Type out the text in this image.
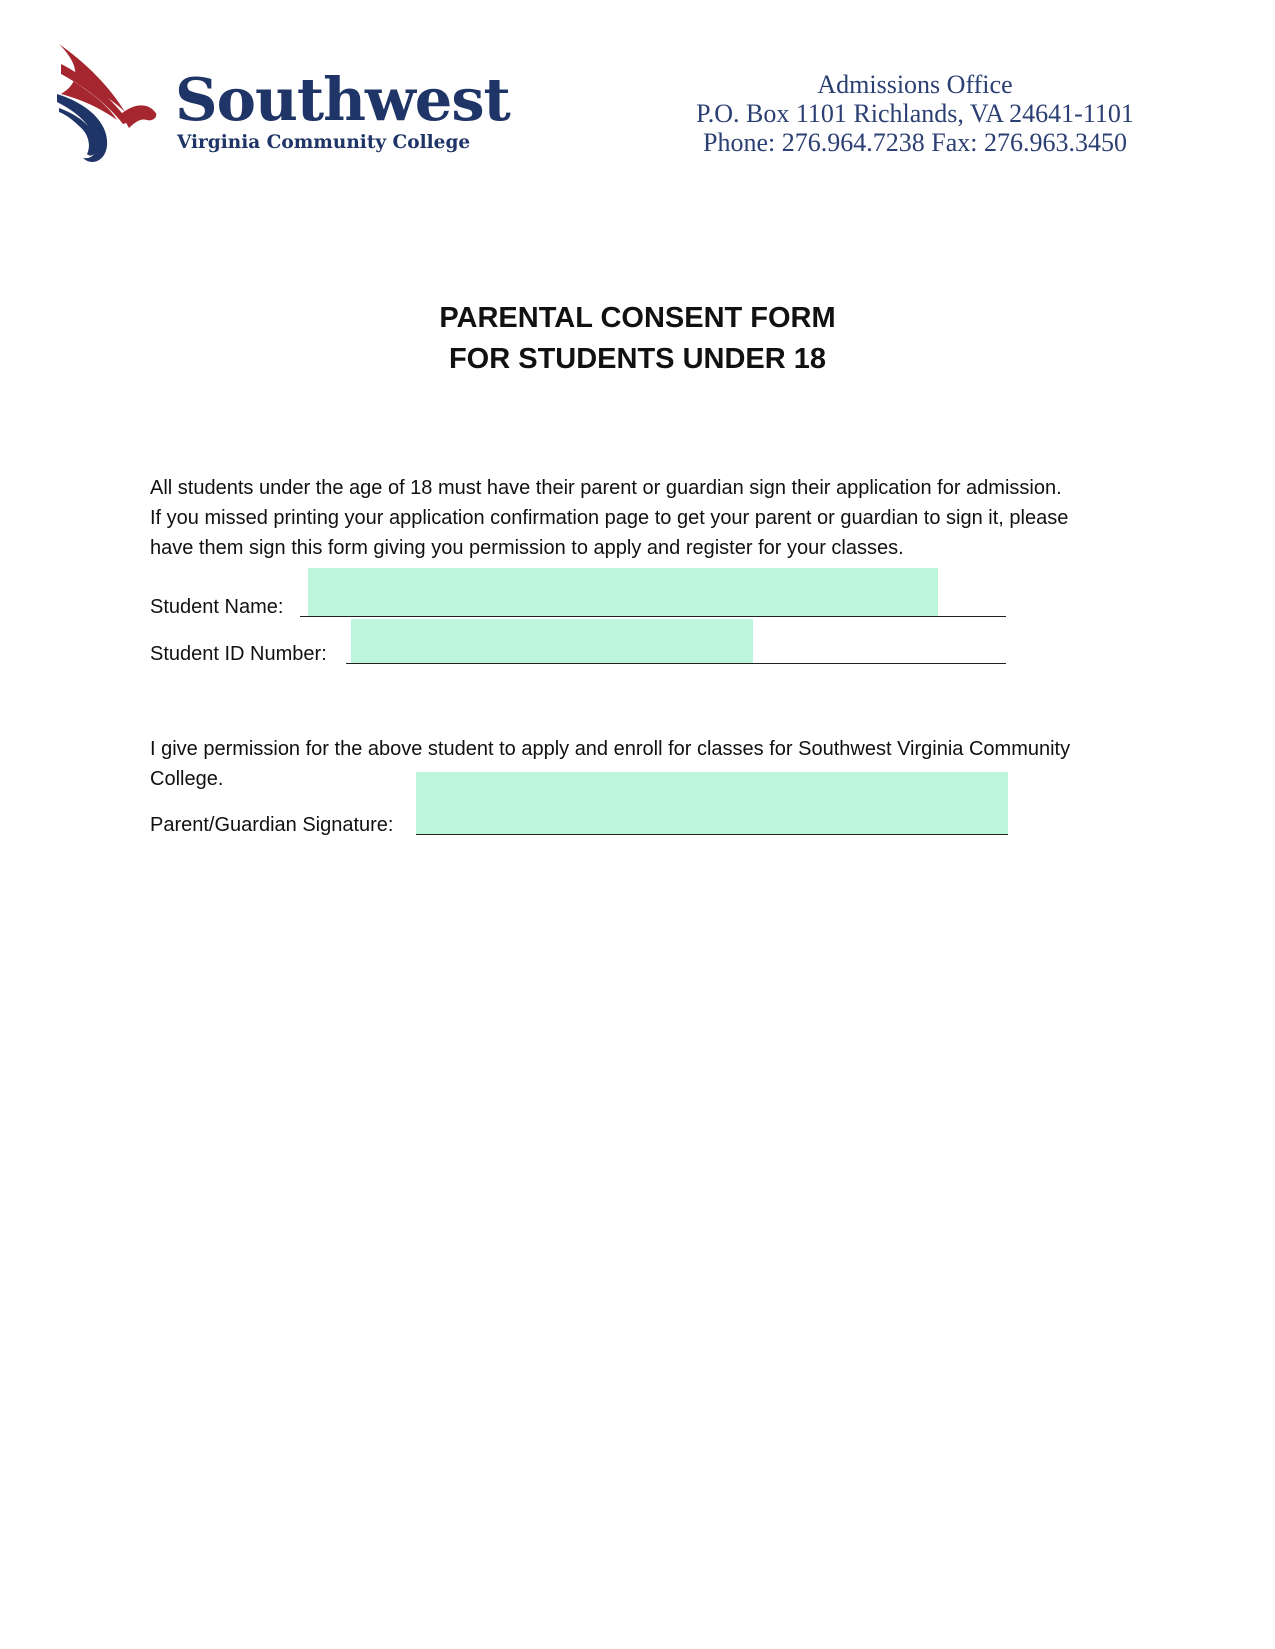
Southwest
Virginia Community College
Admissions Office
P.O. Box 1101 Richlands, VA 24641-1101
Phone: 276.964.7238 Fax: 276.963.3450
PARENTAL CONSENT FORM
FOR STUDENTS UNDER 18
All students under the age of 18 must have their parent or guardian sign their application for admission.
If you missed printing your application confirmation page to get your parent or guardian to sign it, please
have them sign this form giving you permission to apply and register for your classes.
Student Name:
Student ID Number:
I give permission for the above student to apply and enroll for classes for Southwest Virginia Community
College.
Parent/Guardian Signature:
